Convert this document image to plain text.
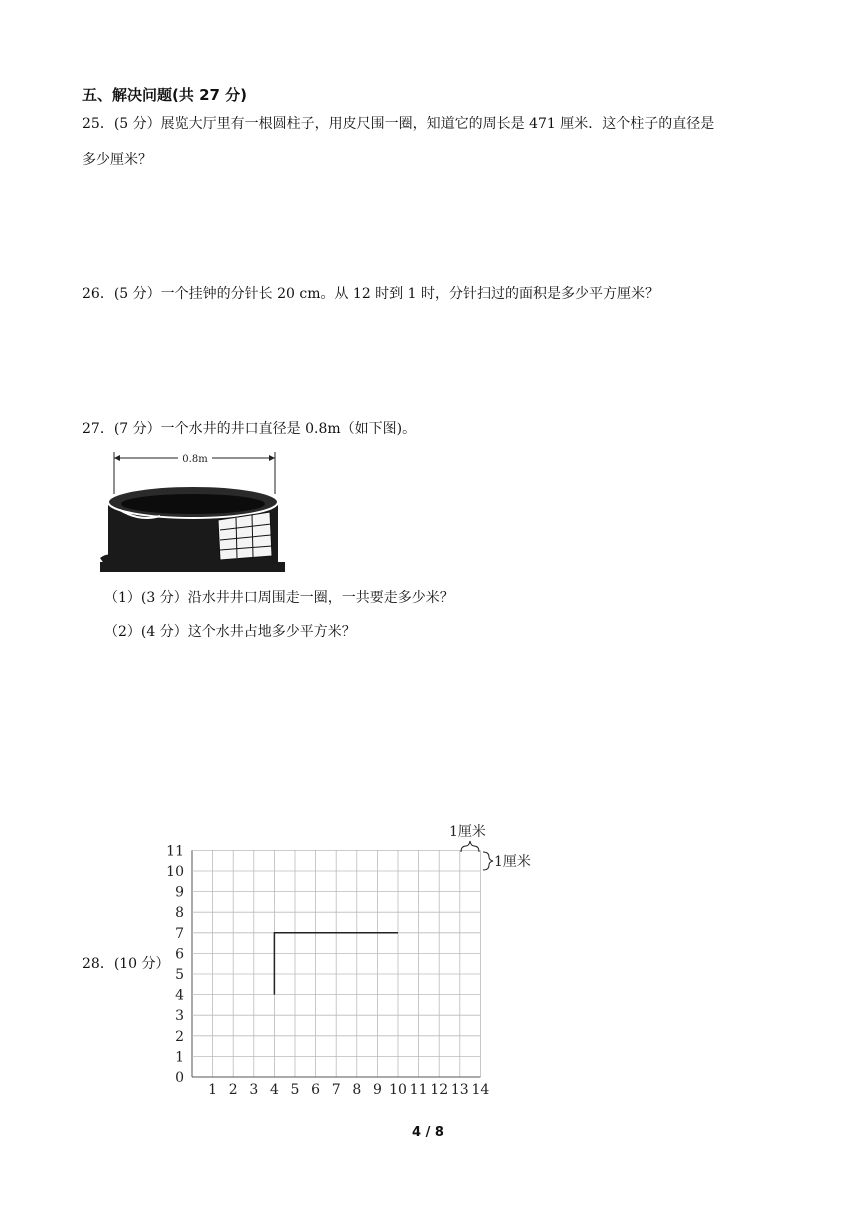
五、解决问题(共 27 分)
25．(5 分）展览大厅里有一根圆柱子，用皮尺围一圈，知道它的周长是 471 厘米．这个柱子的直径是
多少厘米？
26．(5 分）一个挂钟的分针长 20 cm。从 12 时到 1 时，分针扫过的面积是多少平方厘米？
27．(7 分）一个水井的井口直径是 0.8m（如下图)。
0.8m
（1）(3 分）沿水井井口周围走一圈，一共要走多少米？
（2）(4 分）这个水井占地多少平方米？
28．(10 分）
0
1
2
3
4
5
6
7
8
9
10
11
1 2 3 4 5 6 7 8 9 10 11 12 13 14
1厘米
1厘米
4 / 8
